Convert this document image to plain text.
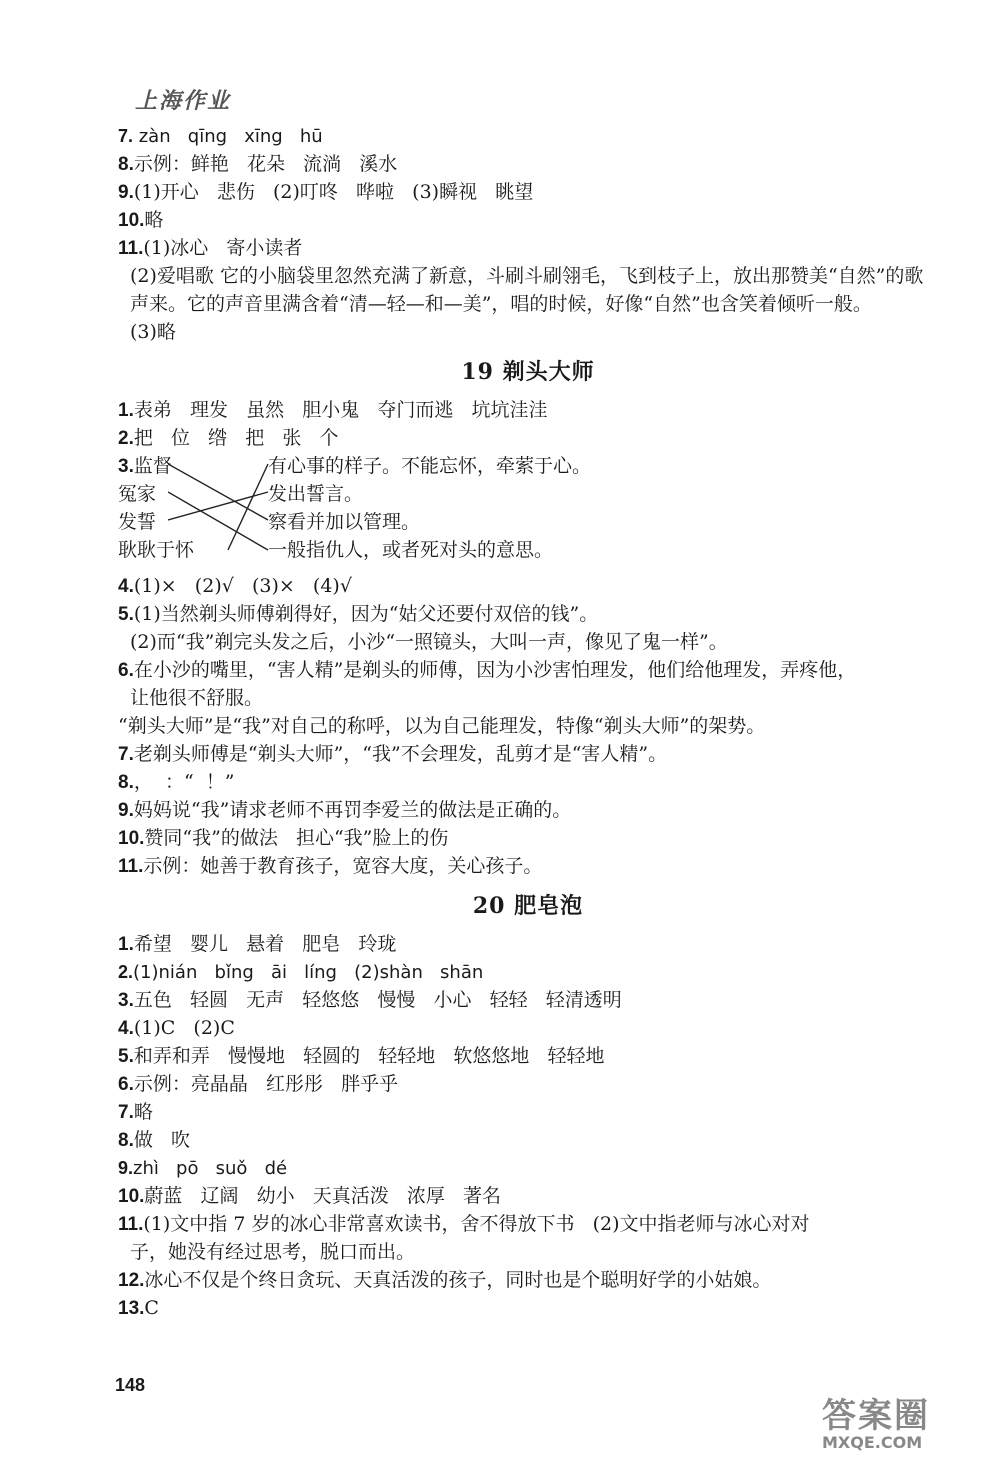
上海作业
7. zàn   qīng   xīng   hū
8.示例：鲜艳   花朵   流淌   溪水
9.(1)开心   悲伤   (2)叮咚   哗啦   (3)瞬视   眺望
10.略
11.(1)冰心   寄小读者
(2)爱唱歌 它的小脑袋里忽然充满了新意，斗刷斗刷翎毛，飞到枝子上，放出那赞美“自然”的歌声来。它的声音里满含着“清—轻—和—美”，唱的时候，好像“自然”也含笑着倾听一般。
(3)略
19 剃头大师
1.表弟   理发   虽然   胆小鬼   夺门而逃   坑坑洼洼
2.把   位   绺   把   张   个
3.监督
冤家
发誓
耿耿于怀
有心事的样子。不能忘怀，牵萦于心。
发出誓言。
察看并加以管理。
一般指仇人，或者死对头的意思。
4.(1)×   (2)√   (3)×   (4)√
5.(1)当然剃头师傅剃得好，因为“姑父还要付双倍的钱”。
(2)而“我”剃完头发之后，小沙“一照镜头，大叫一声，像见了鬼一样”。
6.在小沙的嘴里，“害人精”是剃头的师傅，因为小沙害怕理发，他们给他理发，弄疼他，
让他很不舒服。
“剃头大师”是“我”对自己的称呼，以为自己能理发，特像“剃头大师”的架势。
7.老剃头师傅是“剃头大师”，“我”不会理发，乱剪才是“害人精”。
8.，  ：“  ！”
9.妈妈说“我”请求老师不再罚李爱兰的做法是正确的。
10.赞同“我”的做法   担心“我”脸上的伤
11.示例：她善于教育孩子，宽容大度，关心孩子。
20 肥皂泡
1.希望   婴儿   悬着   肥皂   玲珑
2.(1)nián   bǐng   āi   líng   (2)shàn   shān
3.五色   轻圆   无声   轻悠悠   慢慢   小心   轻轻   轻清透明
4.(1)C   (2)C
5.和弄和弄   慢慢地   轻圆的   轻轻地   软悠悠地   轻轻地
6.示例：亮晶晶   红彤彤   胖乎乎
7.略
8.做   吹
9.zhì   pō   suǒ   dé
10.蔚蓝   辽阔   幼小   天真活泼   浓厚   著名
11.(1)文中指 7 岁的冰心非常喜欢读书，舍不得放下书   (2)文中指老师与冰心对对
子，她没有经过思考，脱口而出。
12.冰心不仅是个终日贪玩、天真活泼的孩子，同时也是个聪明好学的小姑娘。
13.C
148
答案圈
MXQE.COM
